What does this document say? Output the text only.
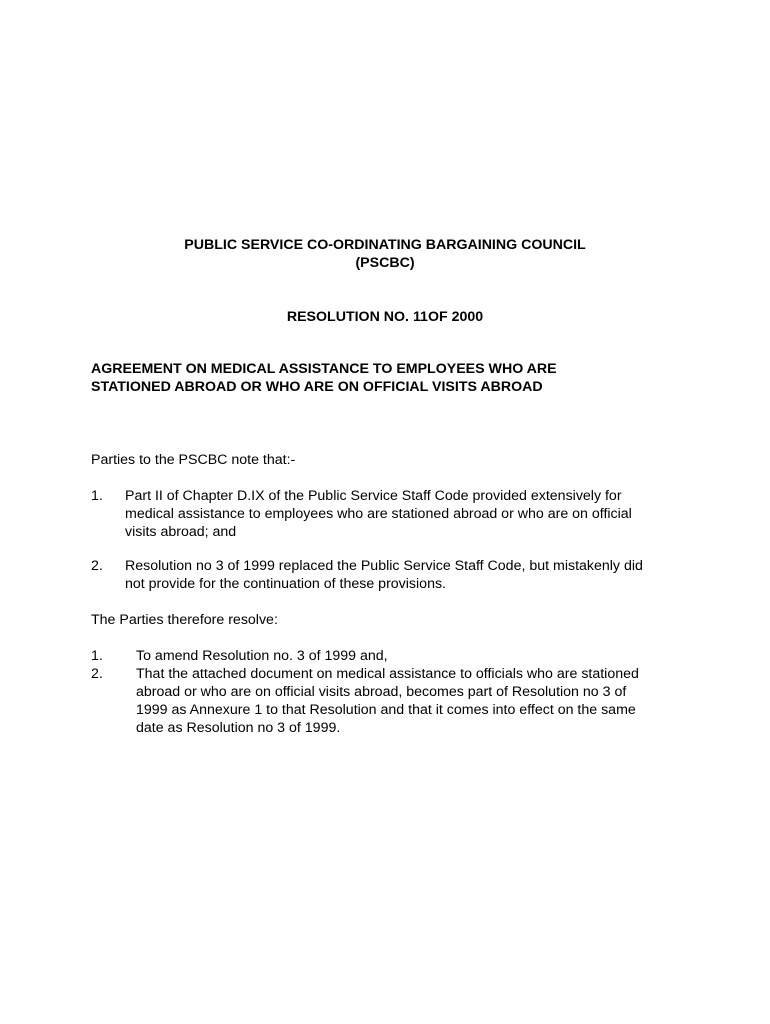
PUBLIC SERVICE CO-ORDINATING BARGAINING COUNCIL
(PSCBC)
RESOLUTION NO. 11OF 2000
AGREEMENT ON MEDICAL ASSISTANCE TO EMPLOYEES WHO ARE
STATIONED ABROAD OR WHO ARE ON OFFICIAL VISITS ABROAD
Parties to the PSCBC note that:-
1. Part II of Chapter D.IX of the Public Service Staff Code provided extensively for
medical assistance to employees who are stationed abroad or who are on official
visits abroad; and
2. Resolution no 3 of 1999 replaced the Public Service Staff Code, but mistakenly did
not provide for the continuation of these provisions.
The Parties therefore resolve:
1. To amend Resolution no. 3 of 1999 and,
2. That the attached document on medical assistance to officials who are stationed
abroad or who are on official visits abroad, becomes part of Resolution no 3 of
1999 as Annexure 1 to that Resolution and that it comes into effect on the same
date as Resolution no 3 of 1999.
